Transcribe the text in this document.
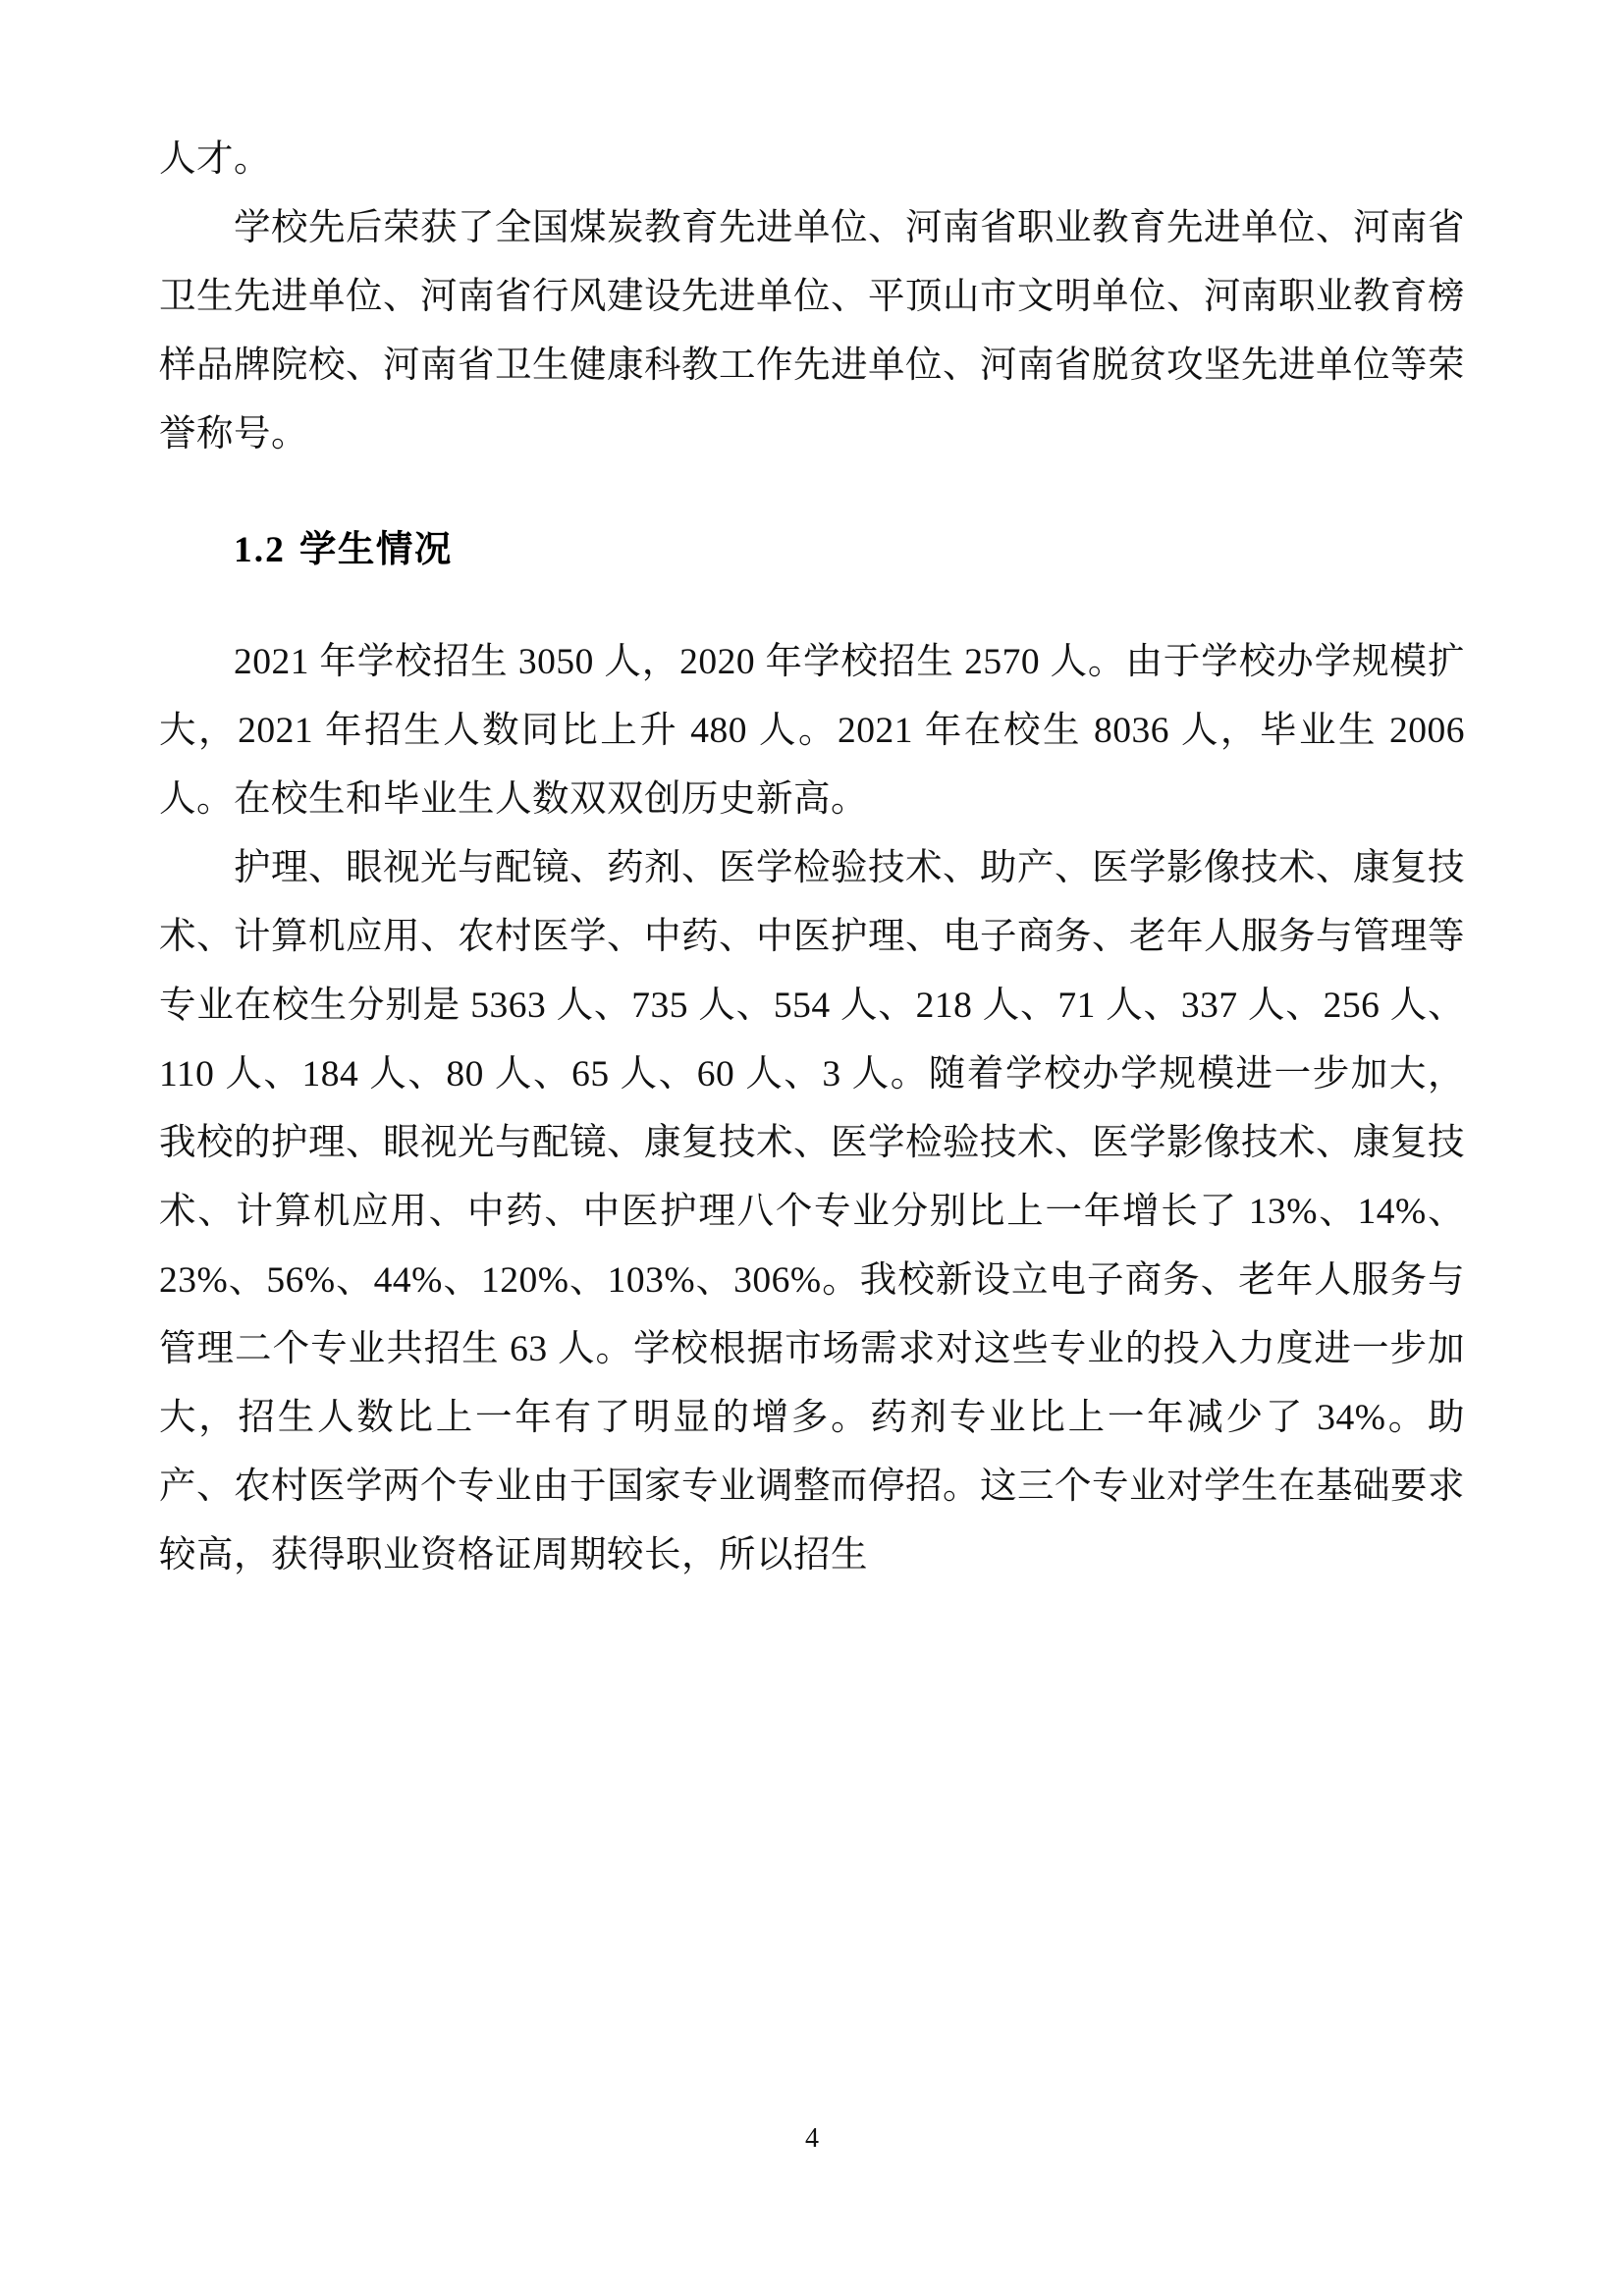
人才。

学校先后荣获了全国煤炭教育先进单位、河南省职业教育先进单位、河南省卫生先进单位、河南省行风建设先进单位、平顶山市文明单位、河南职业教育榜样品牌院校、河南省卫生健康科教工作先进单位、河南省脱贫攻坚先进单位等荣誉称号。

1.2 学生情况

2021 年学校招生 3050 人，2020 年学校招生 2570 人。由于学校办学规模扩大，2021 年招生人数同比上升 480 人。2021 年在校生 8036 人，毕业生 2006 人。在校生和毕业生人数双双创历史新高。

护理、眼视光与配镜、药剂、医学检验技术、助产、医学影像技术、康复技术、计算机应用、农村医学、中药、中医护理、电子商务、老年人服务与管理等专业在校生分别是 5363 人、735 人、554 人、218 人、71 人、337 人、256 人、110 人、184 人、80 人、65 人、60 人、3 人。随着学校办学规模进一步加大，我校的护理、眼视光与配镜、康复技术、医学检验技术、医学影像技术、康复技术、计算机应用、中药、中医护理八个专业分别比上一年增长了 13%、14%、23%、56%、44%、120%、103%、306%。我校新设立电子商务、老年人服务与管理二个专业共招生 63 人。学校根据市场需求对这些专业的投入力度进一步加大，招生人数比上一年有了明显的增多。药剂专业比上一年减少了 34%。助产、农村医学两个专业由于国家专业调整而停招。这三个专业对学生在基础要求较高，获得职业资格证周期较长，所以招生

4
